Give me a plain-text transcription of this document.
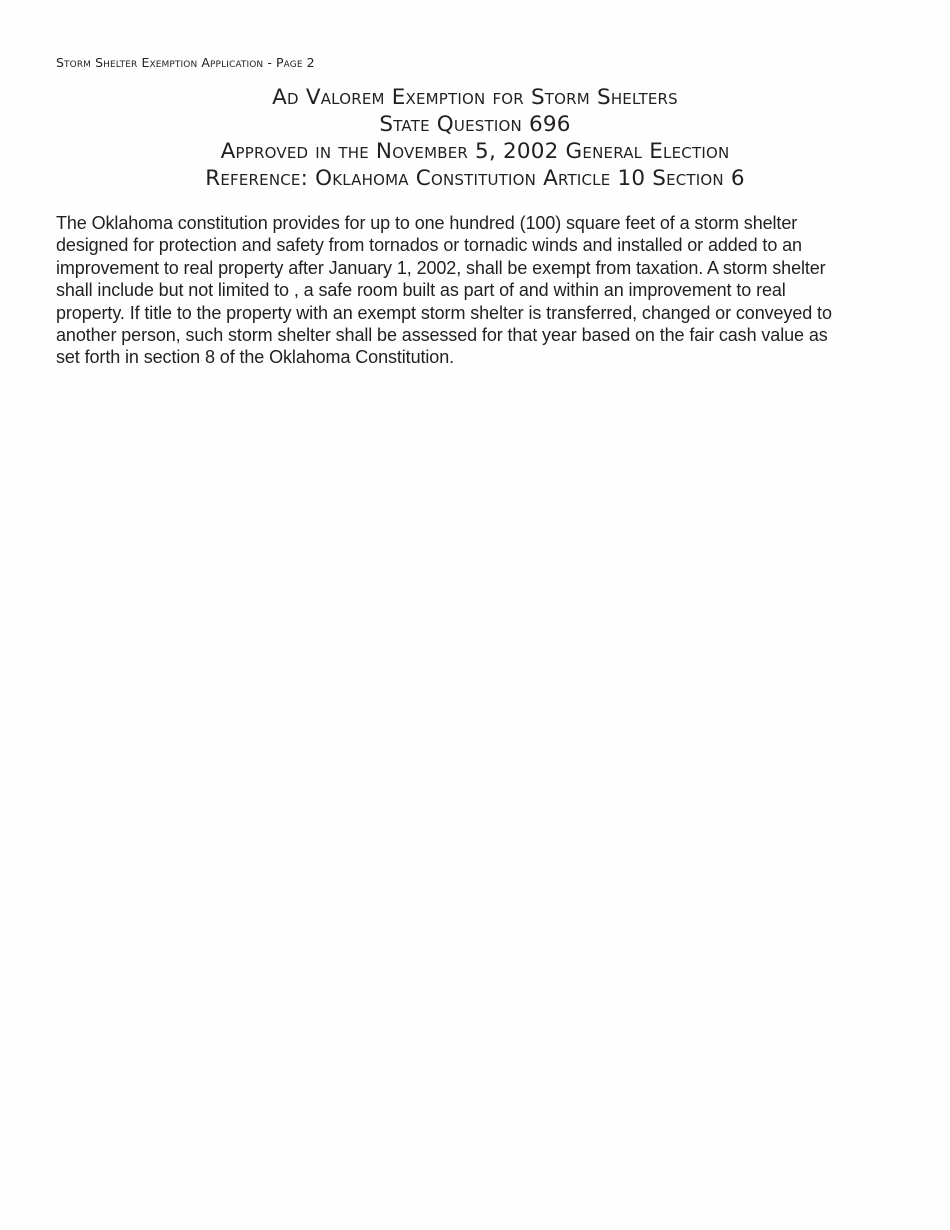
Storm Shelter Exemption Application - Page 2
Ad Valorem Exemption for Storm Shelters
State Question 696
Approved in the November 5, 2002 General Election
Reference: Oklahoma Constitution Article 10 Section 6

The Oklahoma constitution provides for up to one hundred (100) square feet of a storm shelter
designed for protection and safety from tornados or tornadic winds and installed or added to an
improvement to real property after January 1, 2002, shall be exempt from taxation. A storm shelter
shall include but not limited to , a safe room built as part of and within an improvement to real
property. If title to the property with an exempt storm shelter is transferred, changed or conveyed to
another person, such storm shelter shall be assessed for that year based on the fair cash value as
set forth in section 8 of the Oklahoma Constitution.
